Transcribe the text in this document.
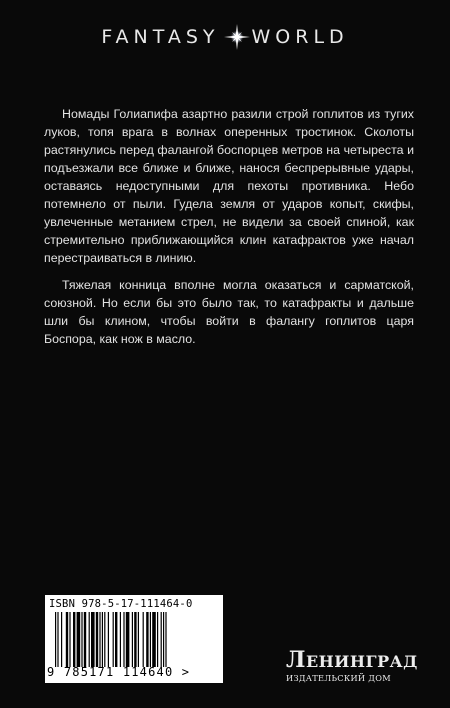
FANTASY WORLD

Номады Голиапифа азартно разили строй гоплитов из тугих луков, топя врага в волнах оперенных тростинок. Сколоты растянулись перед фалангой боспорцев метров на четыреста и подъезжали все ближе и ближе, нанося беспрерывные удары, оставаясь недоступными для пехоты противника. Небо потемнело от пыли. Гудела земля от ударов копыт, скифы, увлеченные метанием стрел, не видели за своей спиной, как стремительно приближающийся клин катафрактов уже начал перестраиваться в линию.

Тяжелая конница вполне могла оказаться и сарматской, союзной. Но если бы это было так, то катафракты и дальше шли бы клином, чтобы войти в фалангу гоплитов царя Боспора, как нож в масло.

ISBN 978-5-17-111464-0
9 785171 114640 >	ЛЕНИНГРАД
ИЗДАТЕЛЬСКИЙ ДОМ
